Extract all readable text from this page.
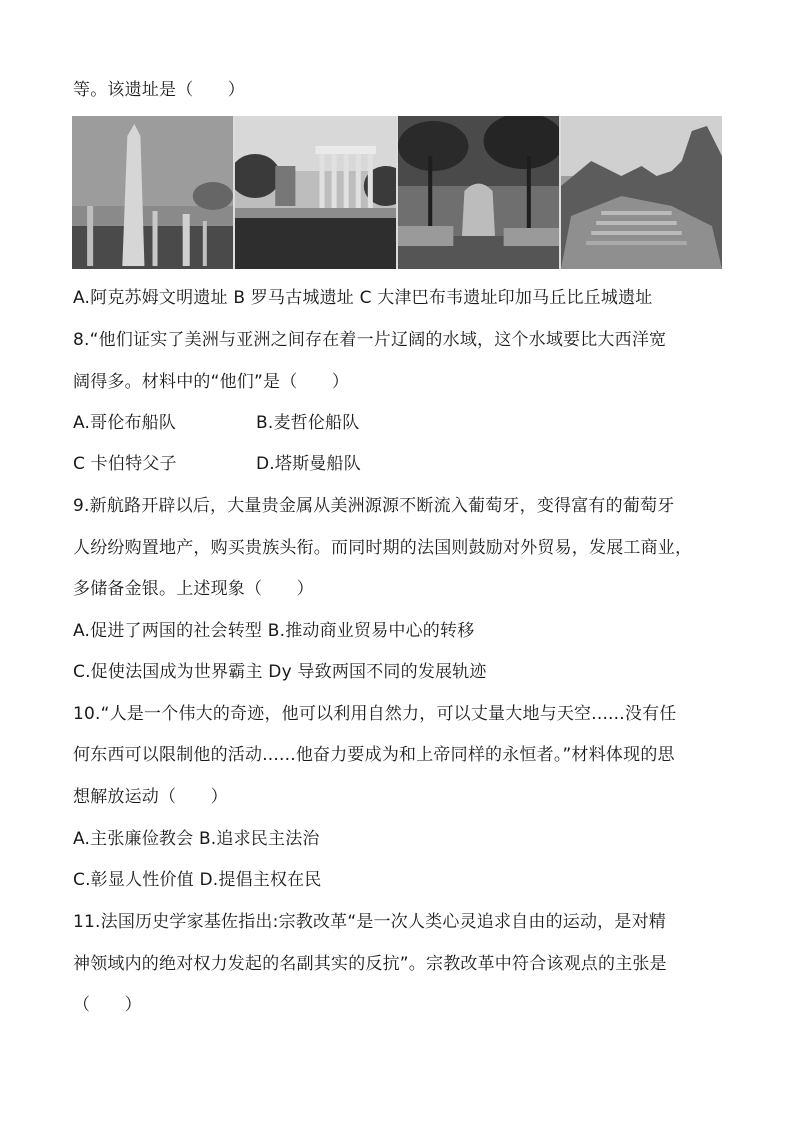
等。该遗址是（　　）
A.阿克苏姆文明遗址 B 罗马古城遗址 C 大津巴布韦遗址印加马丘比丘城遗址
8.“他们证实了美洲与亚洲之间存在着一片辽阔的水域，这个水域要比大西洋宽
阔得多。材料中的“他们”是（　　）
A.哥伦布船队	B.麦哲伦船队
C 卡伯特父子	D.塔斯曼船队
9.新航路开辟以后，大量贵金属从美洲源源不断流入葡萄牙，变得富有的葡萄牙
人纷纷购置地产，购买贵族头衔。而同时期的法国则鼓励对外贸易，发展工商业，
多储备金银。上述现象（　　）
A.促进了两国的社会转型 B.推动商业贸易中心的转移
C.促使法国成为世界霸主 Dy 导致两国不同的发展轨迹
10.“人是一个伟大的奇迹，他可以利用自然力，可以丈量大地与天空......没有任
何东西可以限制他的活动......他奋力要成为和上帝同样的永恒者。”材料体现的思
想解放运动（　　）
A.主张廉俭教会 B.追求民主法治
C.彰显人性价值 D.提倡主权在民
11.法国历史学家基佐指出:宗教改革“是一次人类心灵追求自由的运动，是对精
神领域内的绝对权力发起的名副其实的反抗”。宗教改革中符合该观点的主张是
（　　）
